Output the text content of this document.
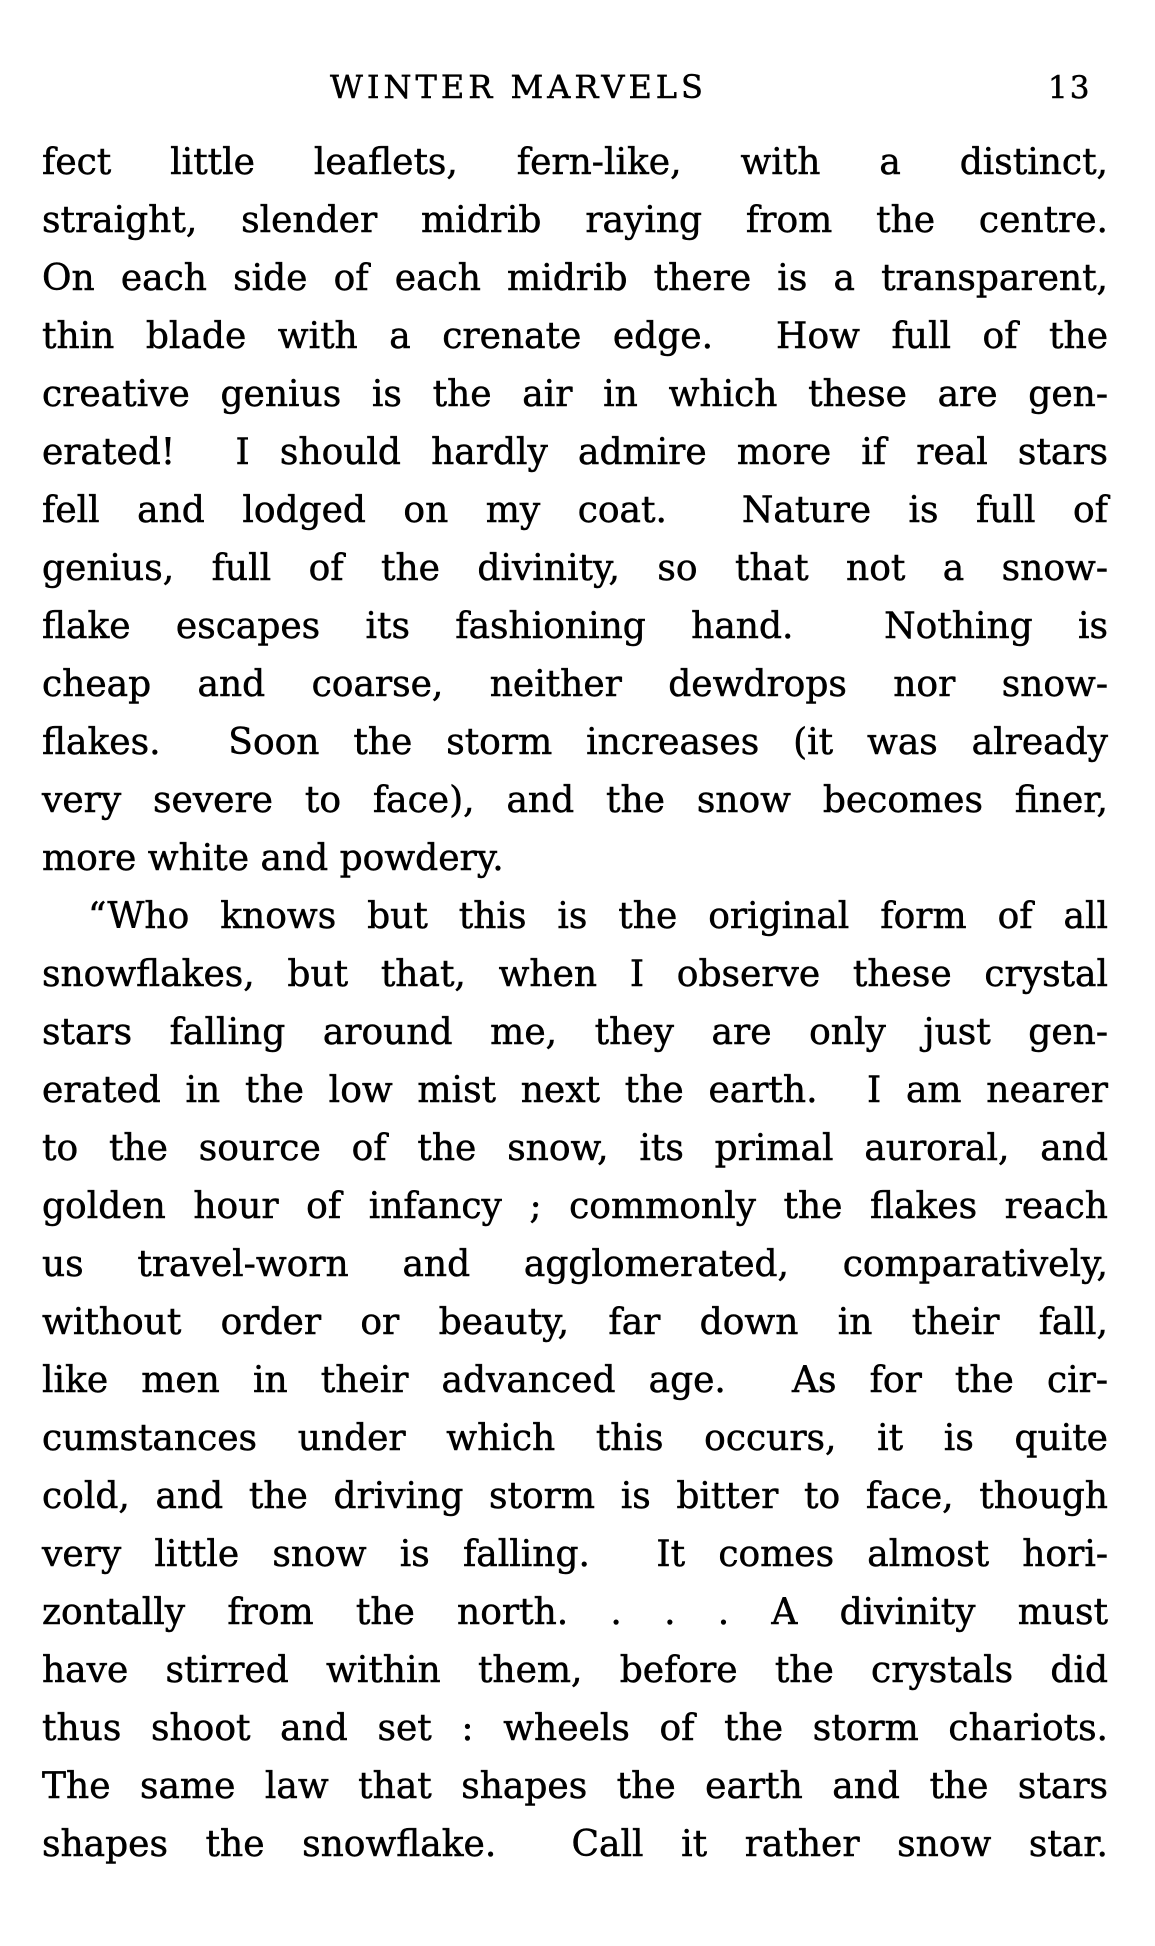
WINTER MARVELS	13
fect little leaflets, fern-like, with a distinct,
straight, slender midrib raying from the centre.
On each side of each midrib there is a transparent,
thin blade with a crenate edge.  How full of the
creative genius is the air in which these are gen-
erated!  I should hardly admire more if real stars
fell and lodged on my coat.  Nature is full of
genius, full of the divinity, so that not a snow-
flake escapes its fashioning hand.  Nothing is
cheap and coarse, neither dewdrops nor snow-
flakes.  Soon the storm increases (it was already
very severe to face), and the snow becomes finer,
more white and powdery.
“Who knows but this is the original form of all
snowflakes, but that, when I observe these crystal
stars falling around me, they are only just gen-
erated in the low mist next the earth.  I am nearer
to the source of the snow, its primal auroral, and
golden hour of infancy ; commonly the flakes reach
us travel-worn and agglomerated, comparatively,
without order or beauty, far down in their fall,
like men in their advanced age.  As for the cir-
cumstances under which this occurs, it is quite
cold, and the driving storm is bitter to face, though
very little snow is falling.  It comes almost hori-
zontally from the north. . . . A divinity must
have stirred within them, before the crystals did
thus shoot and set : wheels of the storm chariots.
The same law that shapes the earth and the stars
shapes the snowflake.  Call it rather snow star.
